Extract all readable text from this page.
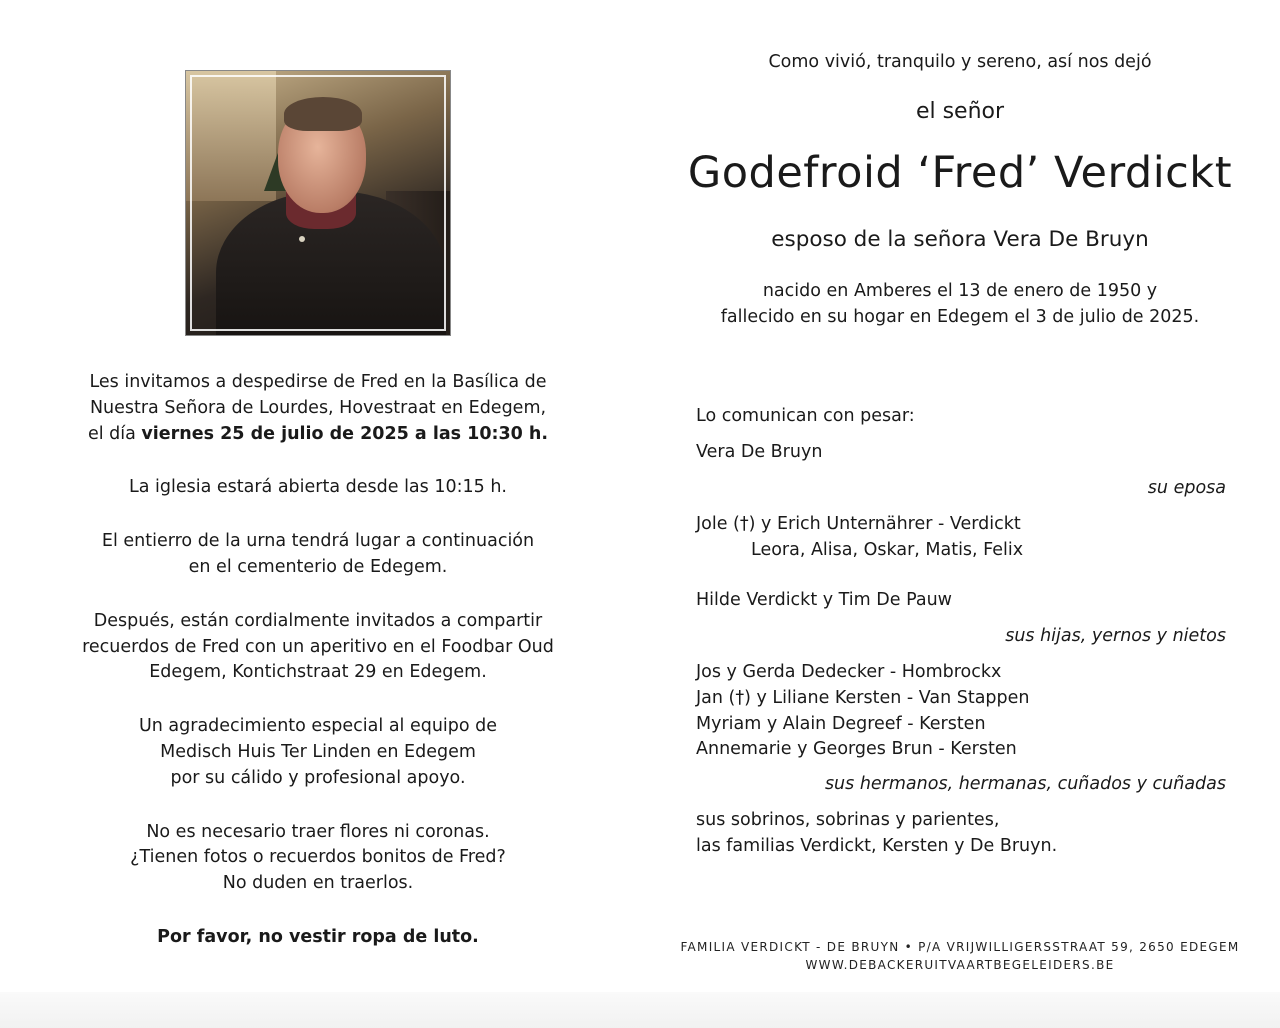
Les invitamos a despedirse de Fred en la Basílica de

Nuestra Señora de Lourdes, Hovestraat en Edegem,

el día viernes 25 de julio de 2025 a las 10:30 h.

La iglesia estará abierta desde las 10:15 h.

El entierro de la urna tendrá lugar a continuación

en el cementerio de Edegem.

Después, están cordialmente invitados a compartir

recuerdos de Fred con un aperitivo en el Foodbar Oud

Edegem, Kontichstraat 29 en Edegem.

Un agradecimiento especial al equipo de

Medisch Huis Ter Linden en Edegem

por su cálido y profesional apoyo.

No es necesario traer flores ni coronas.

¿Tienen fotos o recuerdos bonitos de Fred?

No duden en traerlos.

Por favor, no vestir ropa de luto.

Como vivió, tranquilo y sereno, así nos dejó
el señor
Godefroid ‘Fred’ Verdickt
esposo de la señora Vera De Bruyn
nacido en Amberes el 13 de enero de 1950 y
fallecido en su hogar en Edegem el 3 de julio de 2025.
Lo comunican con pesar:
Vera De Bruyn
su eposa
Jole (†) y Erich Unternährer - Verdickt
Leora, Alisa, Oskar, Matis, Felix
Hilde Verdickt y Tim De Pauw
sus hijas, yernos y nietos
Jos y Gerda Dedecker - Hombrockx
Jan (†) y Liliane Kersten - Van Stappen
Myriam y Alain Degreef - Kersten
Annemarie y Georges Brun - Kersten
sus hermanos, hermanas, cuñados y cuñadas
sus sobrinos, sobrinas y parientes,
las familias Verdickt, Kersten y De Bruyn.
FAMILIA VERDICKT - DE BRUYN • P/A VRIJWILLIGERSSTRAAT 59, 2650 EDEGEM
WWW.DEBACKERUITVAARTBEGELEIDERS.BE
